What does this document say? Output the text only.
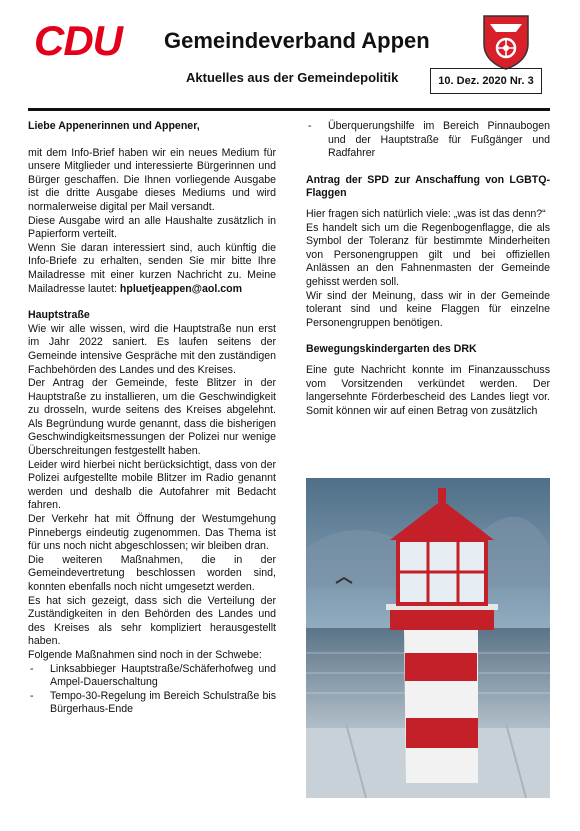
CDU Gemeindeverband Appen
Aktuelles aus der Gemeindepolitik	10. Dez. 2020 Nr. 3
Liebe Appenerinnen und Appener,

mit dem Info-Brief haben wir ein neues Medium für unsere Mitglieder und interessierte Bürgerinnen und Bürger geschaffen. Die Ihnen vorliegende Ausgabe ist die dritte Ausgabe dieses Mediums und wird normalerweise digital per Mail versandt.

Diese Ausgabe wird an alle Haushalte zusätzlich in Papierform verteilt.

Wenn Sie daran interessiert sind, auch künftig die Info-Briefe zu erhalten, senden Sie mir bitte Ihre Mailadresse mit einer kurzen Nachricht zu. Meine Mailadresse lautet: hpluetjeappen@aol.com

Hauptstraße

Wie wir alle wissen, wird die Hauptstraße nun erst im Jahr 2022 saniert. Es laufen seitens der Gemeinde intensive Gespräche mit den zuständigen Fachbehörden des Landes und des Kreises.

Der Antrag der Gemeinde, feste Blitzer in der Hauptstraße zu installieren, um die Geschwindigkeit zu drosseln, wurde seitens des Kreises abgelehnt. Als Begründung wurde genannt, dass die bisherigen Geschwindigkeitsmessungen der Polizei nur wenige Überschreitungen festgestellt haben.

Leider wird hierbei nicht berücksichtigt, dass von der Polizei aufgestellte mobile Blitzer im Radio genannt werden und deshalb die Autofahrer mit Bedacht fahren.

Der Verkehr hat mit Öffnung der Westumgehung Pinnebergs eindeutig zugenommen. Das Thema ist für uns noch nicht abgeschlossen; wir bleiben dran.

Die weiteren Maßnahmen, die in der Gemeindevertretung beschlossen worden sind, konnten ebenfalls noch nicht umgesetzt werden.

Es hat sich gezeigt, dass sich die Verteilung der Zuständigkeiten in den Behörden des Landes und des Kreises als sehr kompliziert herausgestellt haben.

Folgende Maßnahmen sind noch in der Schwebe:

- Linksabbieger Hauptstraße/Schäferhofweg und Ampel-Dauerschaltung
- Tempo-30-Regelung im Bereich Schulstraße bis Bürgerhaus-Ende
- Überquerungshilfe im Bereich Pinnaubogen und der Hauptstraße für Fußgänger und Radfahrer
Antrag der SPD zur Anschaffung von LGBTQ-Flaggen

Hier fragen sich natürlich viele: „was ist das denn?“

Es handelt sich um die Regenbogenflagge, die als Symbol der Toleranz für bestimmte Minderheiten von Personengruppen gilt und bei offiziellen Anlässen an den Fahnenmasten der Gemeinde gehisst werden soll.

Wir sind der Meinung, dass wir in der Gemeinde tolerant sind und keine Flaggen für einzelne Personengruppen benötigen.

Bewegungskindergarten des DRK

Eine gute Nachricht konnte im Finanzausschuss vom Vorsitzenden verkündet werden. Der langersehnte Förderbescheid des Landes liegt vor. Somit können wir auf einen Betrag von zusätzlich
